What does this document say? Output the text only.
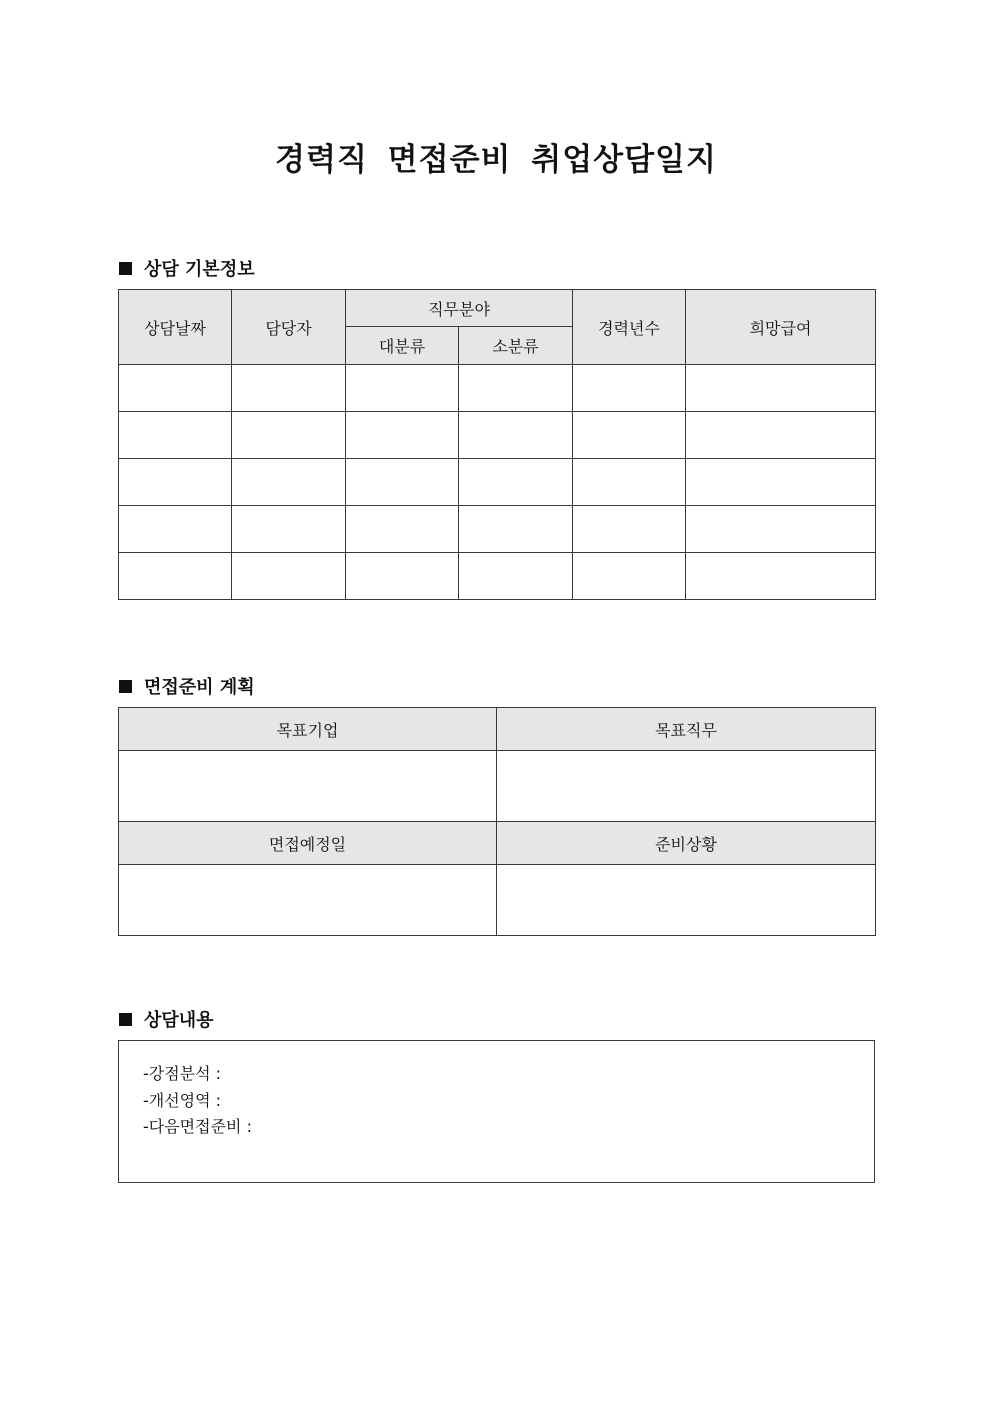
경력직 면접준비 취업상담일지
상담 기본정보
상담날짜	담당자	직무분야		경력년수	희망급여
		대분류	소분류		

면접준비 계획
목표기업	목표직무

면접예정일	준비상황

상담내용
-강점분석 :
-개선영역 :
-다음면접준비 :
